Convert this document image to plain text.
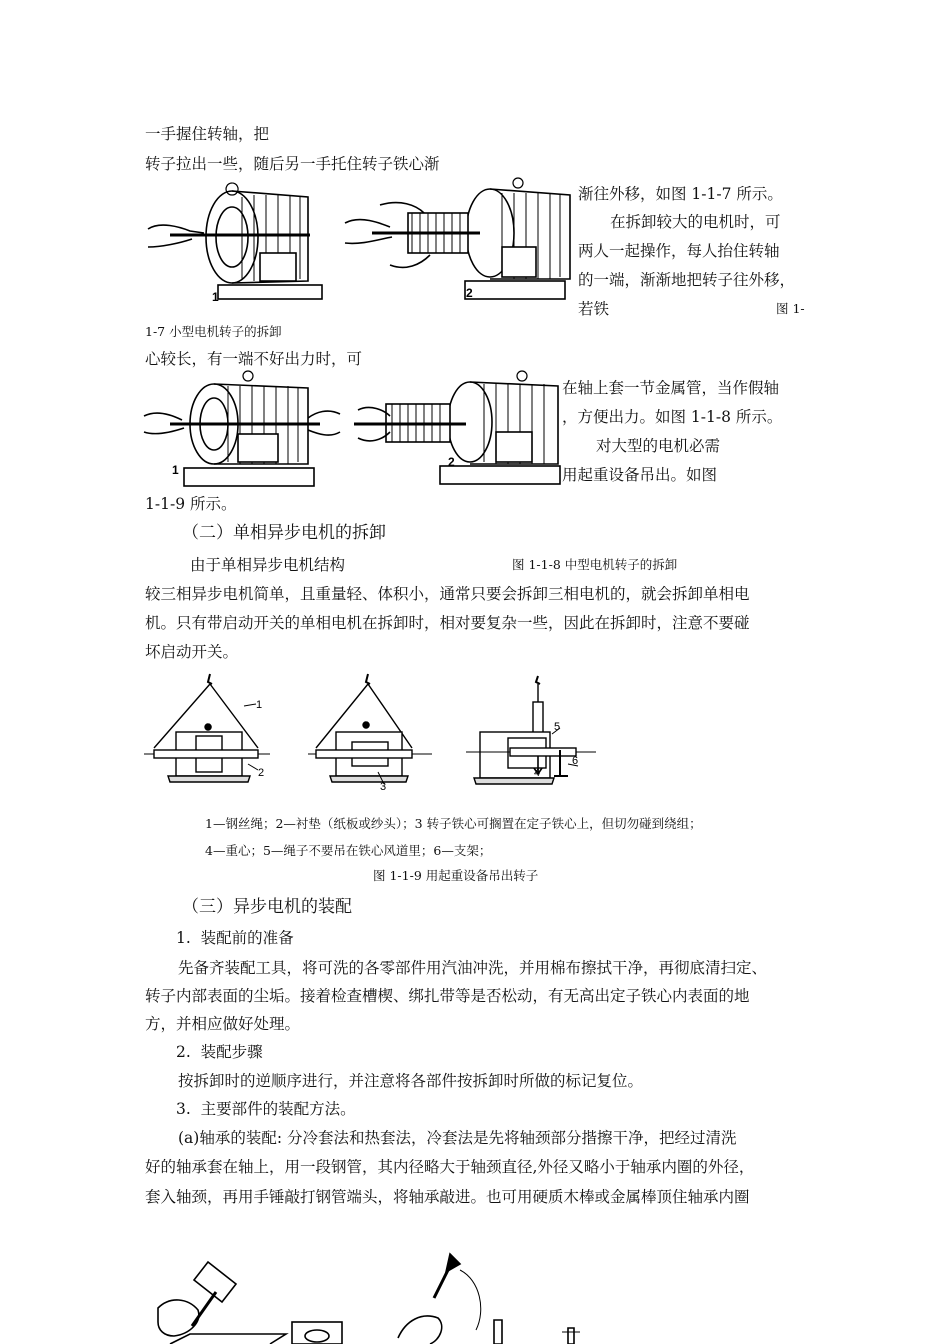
一手握住转轴，把
转子拉出一些，随后另一手托住转子铁心渐
渐往外移，如图 1-1-7 所示。
在拆卸较大的电机时，可
两人一起操作，每人抬住转轴
的一端，渐渐地把转子往外移，
若铁	图 1-
1-7 小型电机转子的拆卸
心较长，有一端不好出力时，可
在轴上套一节金属管，当作假轴
，方便出力。如图 1-1-8 所示。
对大型的电机必需
用起重设备吊出。如图
1-1-9 所示。
（二）单相异步电机的拆卸
由于单相异步电机结构	图 1-1-8 中型电机转子的拆卸
较三相异步电机简单，且重量轻、体积小，通常只要会拆卸三相电机的，就会拆卸单相电
机。只有带启动开关的单相电机在拆卸时，相对要复杂一些，因此在拆卸时，注意不要碰
坏启动开关。
1—钢丝绳；2—衬垫（纸板或纱头）；3 转子铁心可搁置在定子铁心上，但切勿碰到绕组；
4—重心；5—绳子不要吊在铁心风道里；6—支架；
图 1-1-9 用起重设备吊出转子
（三）异步电机的装配
1. 装配前的准备
先备齐装配工具，将可洗的各零部件用汽油冲洗，并用棉布擦拭干净，再彻底清扫定、
转子内部表面的尘垢。接着检查槽楔、绑扎带等是否松动，有无高出定子铁心内表面的地
方，并相应做好处理。
2. 装配步骤
按拆卸时的逆顺序进行，并注意将各部件按拆卸时所做的标记复位。
3. 主要部件的装配方法。
(a)轴承的装配: 分冷套法和热套法，冷套法是先将轴颈部分揩擦干净，把经过清洗
好的轴承套在轴上，用一段钢管，其内径略大于轴颈直径,外径又略小于轴承内圈的外径，
套入轴颈，再用手锤敲打钢管端头，将轴承敲进。也可用硬质木棒或金属棒顶住轴承内圈
1	2
1
2
1
2
3
4
5
6
